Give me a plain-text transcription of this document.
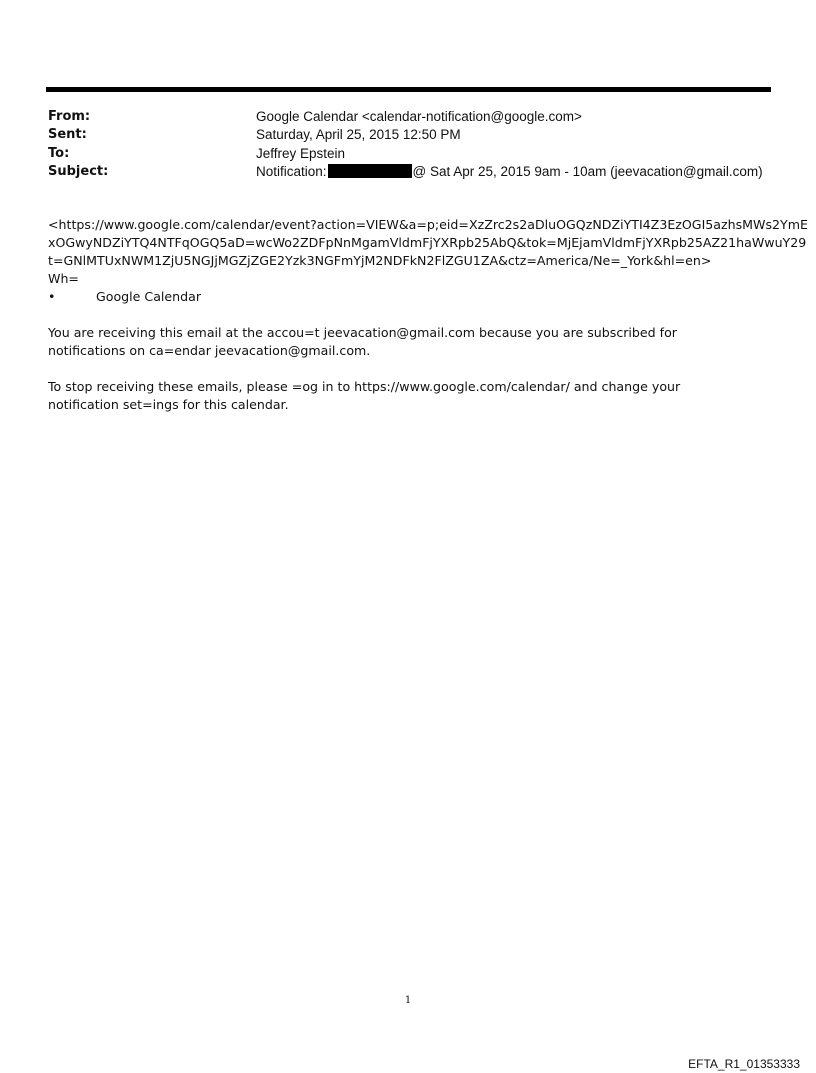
From:	Google Calendar <calendar-notification@google.com>
Sent:	Saturday, April 25, 2015 12:50 PM
To:	Jeffrey Epstein
Subject:	Notification:	@ Sat Apr 25, 2015 9am - 10am (jeevacation@gmail.com)
<https://www.google.com/calendar/event?action=VIEW&a=p;eid=XzZrc2s2aDluOGQzNDZiYTI4Z3EzOGI5azhsMWs2YmE
xOGwyNDZiYTQ4NTFqOGQ5aD=wcWo2ZDFpNnMgamVldmFjYXRpb25AbQ&tok=MjEjamVldmFjYXRpb25AZ21haWwuY29
t=GNlMTUxNWM1ZjU5NGJjMGZjZGE2Yzk3NGFmYjM2NDFkN2FlZGU1ZA&ctz=America/Ne=_York&hl=en>
Wh=
•	Google Calendar
You are receiving this email at the accou=t jeevacation@gmail.com because you are subscribed for notifications on ca=endar jeevacation@gmail.com.
To stop receiving these emails, please =og in to https://www.google.com/calendar/ and change your notification set=ings for this calendar.
1
EFTA_R1_01353333
